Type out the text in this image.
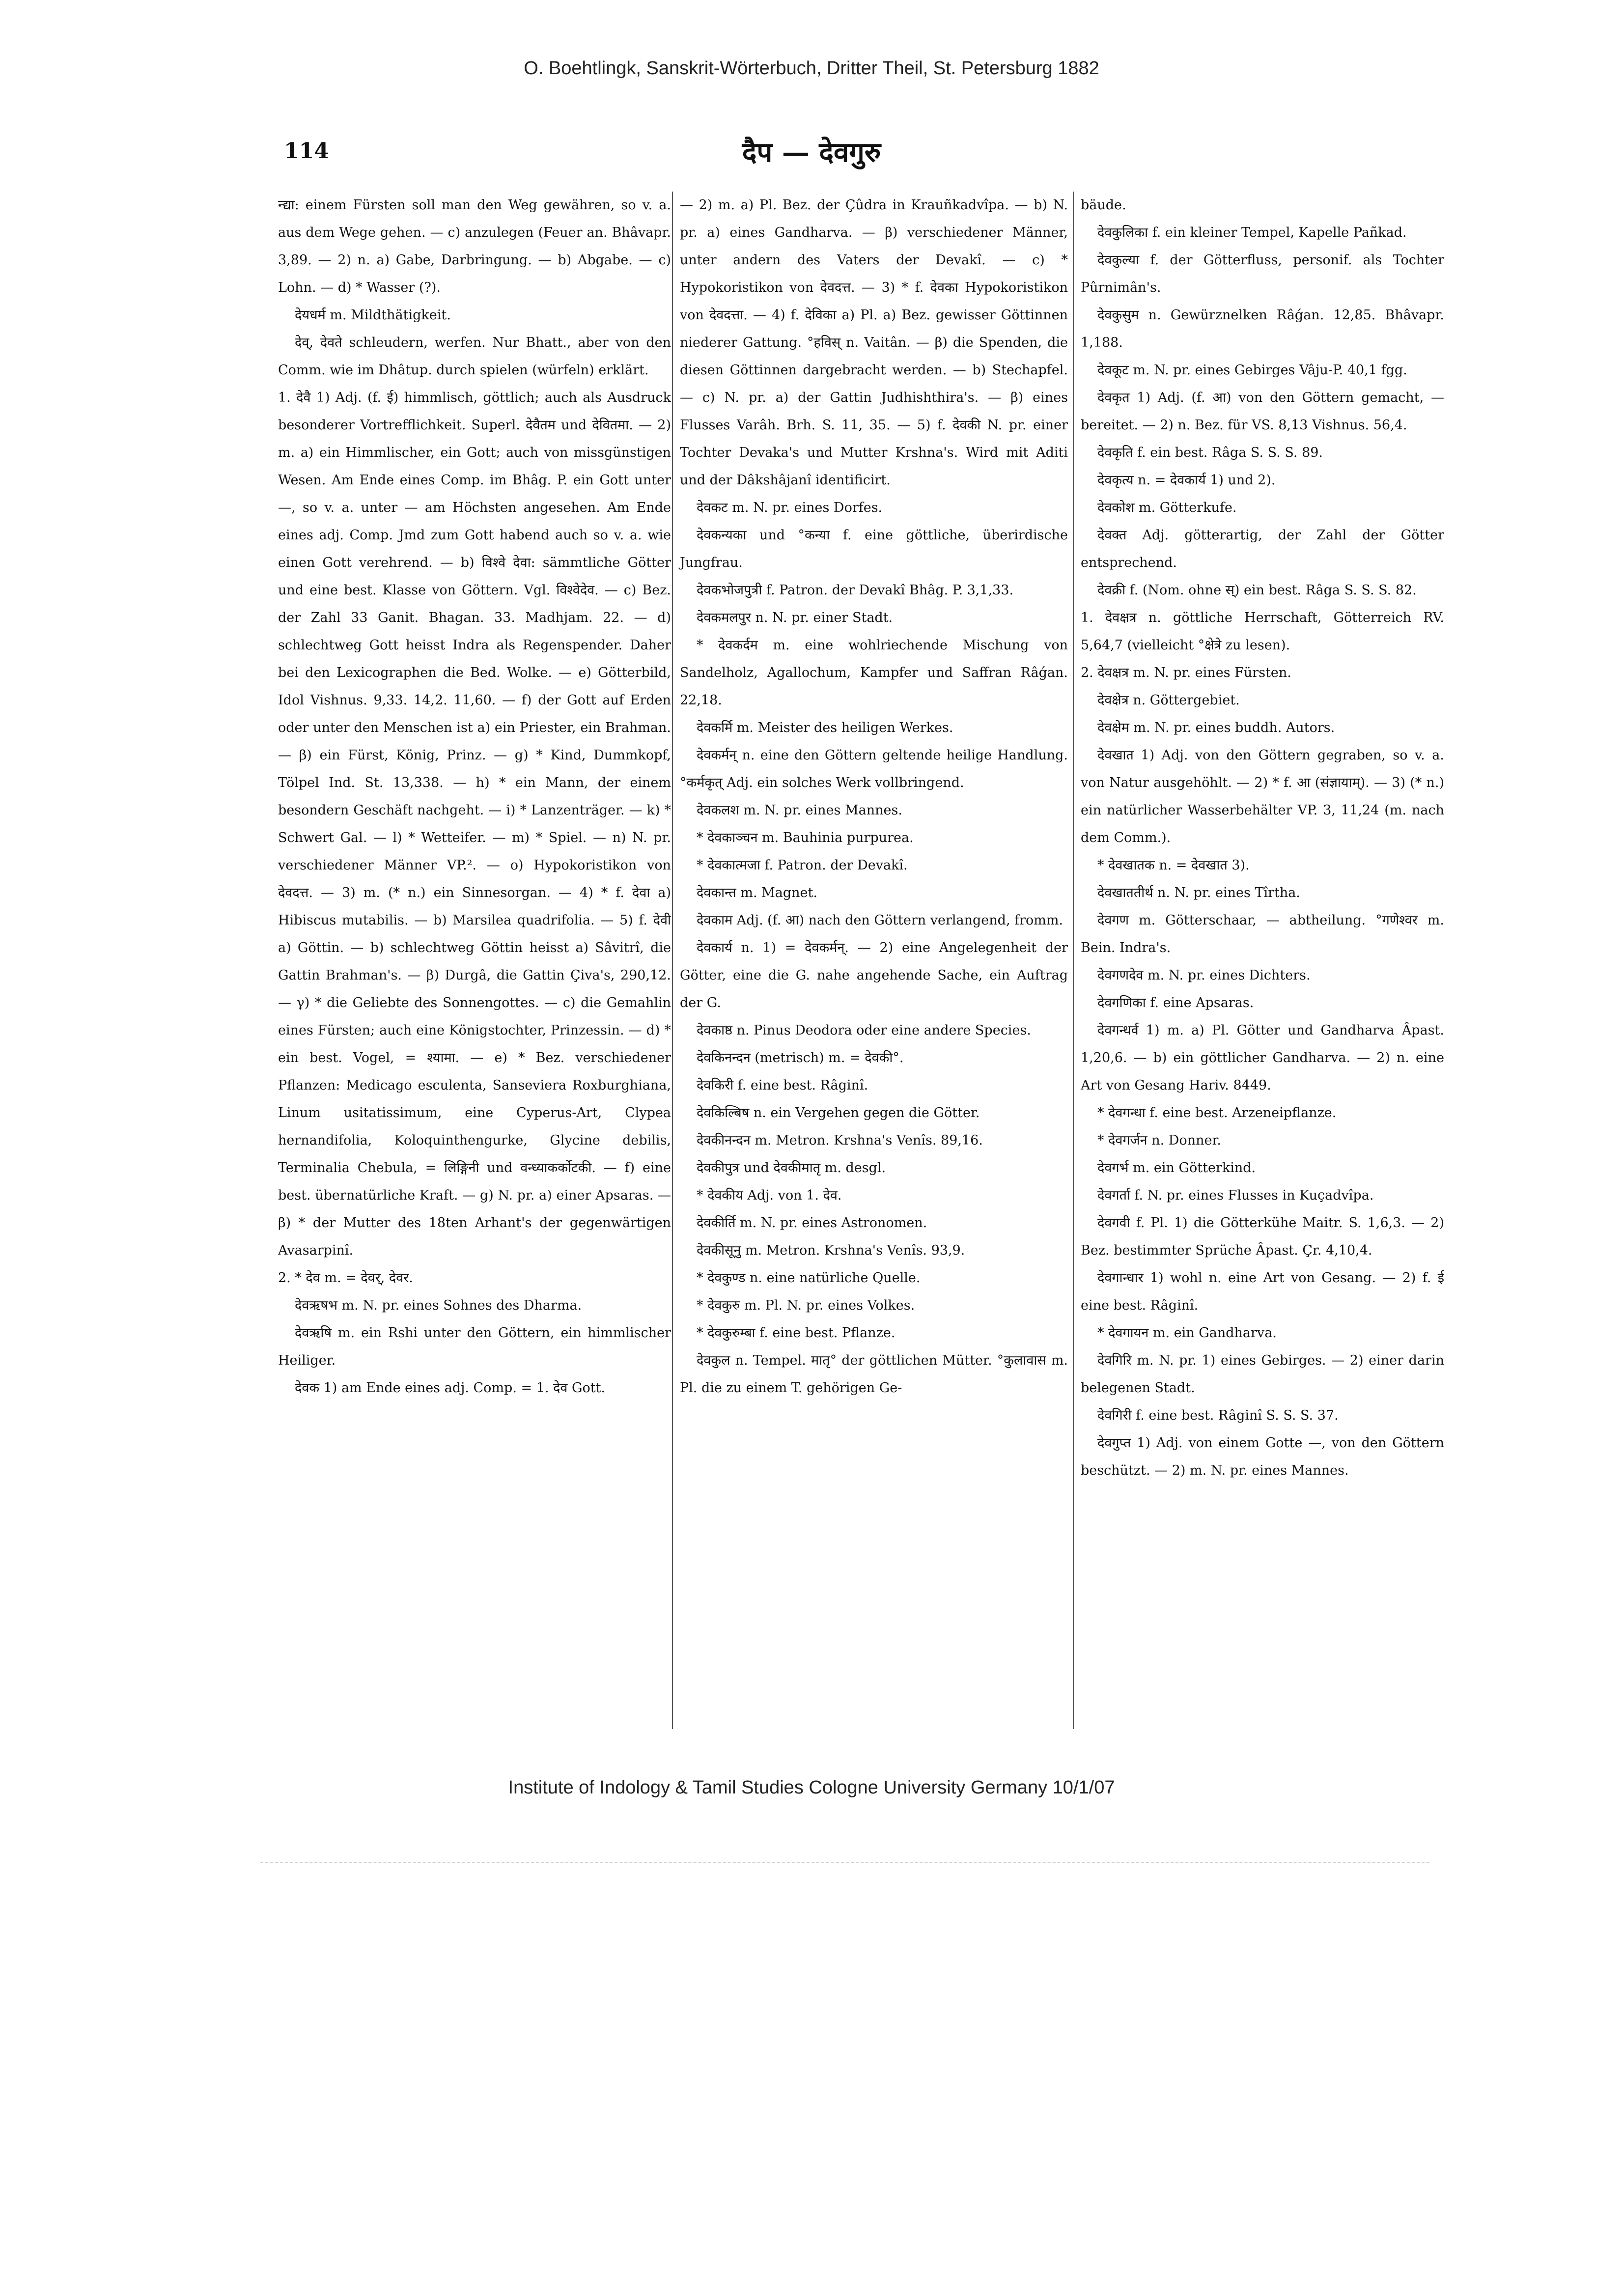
O. Boehtlingk, Sanskrit-Wörterbuch, Dritter Theil, St. Petersburg 1882
114	दैप — देवगुरु

न्द्या: einem Fürsten soll man den Weg gewähren, so v. a. aus dem Wege gehen. — c) anzulegen (Feuer an. Bhâvapr. 3,89. — 2) n. a) Gabe, Darbringung. — b) Abgabe. — c) Lohn. — d) * Wasser (?).

देयधर्म m. Mildthätigkeit.

देव्, देवते schleudern, werfen. Nur Bhatt., aber von den Comm. wie im Dhâtup. durch spielen (würfeln) erklärt.

1. देवै 1) Adj. (f. ई) himmlisch, göttlich; auch als Ausdruck besonderer Vortrefflichkeit. Superl. देवैतम und देवितमा. — 2) m. a) ein Himmlischer, ein Gott; auch von missgünstigen Wesen. Am Ende eines Comp. im Bhâg. P. ein Gott unter —, so v. a. unter — am Höchsten angesehen. Am Ende eines adj. Comp. Jmd zum Gott habend auch so v. a. wie einen Gott verehrend. — b) विश्वे देवा: sämmtliche Götter und eine best. Klasse von Göttern. Vgl. विश्वेदेव. — c) Bez. der Zahl 33 Ganit. Bhagan. 33. Madhjam. 22. — d) schlechtweg Gott heisst Indra als Regenspender. Daher bei den Lexicographen die Bed. Wolke. — e) Götterbild, Idol Vishnus. 9,33. 14,2. 11,60. — f) der Gott auf Erden oder unter den Menschen ist a) ein Priester, ein Brahman. — β) ein Fürst, König, Prinz. — g) * Kind, Dummkopf, Tölpel Ind. St. 13,338. — h) * ein Mann, der einem besondern Geschäft nachgeht. — i) * Lanzenträger. — k) * Schwert Gal. — l) * Wetteifer. — m) * Spiel. — n) N. pr. verschiedener Männer VP.². — o) Hypokoristikon von देवदत्त. — 3) m. (* n.) ein Sinnesorgan. — 4) * f. देवा a) Hibiscus mutabilis. — b) Marsilea quadrifolia. — 5) f. देवी a) Göttin. — b) schlechtweg Göttin heisst a) Sâvitrî, die Gattin Brahman's. — β) Durgâ, die Gattin Çiva's, 290,12. — γ) * die Geliebte des Sonnengottes. — c) die Gemahlin eines Fürsten; auch eine Königstochter, Prinzessin. — d) * ein best. Vogel, = श्यामा. — e) * Bez. verschiedener Pflanzen: Medicago esculenta, Sanseviera Roxburghiana, Linum usitatissimum, eine Cyperus-Art, Clypea hernandifolia, Koloquinthengurke, Glycine debilis, Terminalia Chebula, = लिङ्गिनी und वन्ध्याकर्कोटकी. — f) eine best. übernatürliche Kraft. — g) N. pr. a) einer Apsaras. — β) * der Mutter des 18ten Arhant's der gegenwärtigen Avasarpinî.

2. * देव m. = देवर्, देवर.

देवऋषभ m. N. pr. eines Sohnes des Dharma.

देवऋषि m. ein Rshi unter den Göttern, ein himmlischer Heiliger.

देवक 1) am Ende eines adj. Comp. = 1. देव Gott.

— 2) m. a) Pl. Bez. der Çûdra in Krauñkadvîpa. — b) N. pr. a) eines Gandharva. — β) verschiedener Männer, unter andern des Vaters der Devakî. — c) * Hypokoristikon von देवदत्त. — 3) * f. देवका Hypokoristikon von देवदत्ता. — 4) f. देविका a) Pl. a) Bez. gewisser Göttinnen niederer Gattung. °हविस् n. Vaitân. — β) die Spenden, die diesen Göttinnen dargebracht werden. — b) Stechapfel. — c) N. pr. a) der Gattin Judhishthira's. — β) eines Flusses Varâh. Brh. S. 11, 35. — 5) f. देवकी N. pr. einer Tochter Devaka's und Mutter Krshna's. Wird mit Aditi und der Dâkshâjanî identificirt.

देवकट m. N. pr. eines Dorfes.

देवकन्यका und °कन्या f. eine göttliche, überirdische Jungfrau.

देवकभोजपुत्री f. Patron. der Devakî Bhâg. P. 3,1,33.

देवकमलपुर n. N. pr. einer Stadt.

* देवकर्दम m. eine wohlriechende Mischung von Sandelholz, Agallochum, Kampfer und Saffran Râǵan. 22,18.

देवकर्मि m. Meister des heiligen Werkes.

देवकर्मन् n. eine den Göttern geltende heilige Handlung. °कर्मकृत् Adj. ein solches Werk vollbringend.

देवकलश m. N. pr. eines Mannes.

* देवकाञ्चन m. Bauhinia purpurea.

* देवकात्मजा f. Patron. der Devakî.

देवकान्त m. Magnet.

देवकाम Adj. (f. आ) nach den Göttern verlangend, fromm.

देवकार्य n. 1) = देवकर्मन्. — 2) eine Angelegenheit der Götter, eine die G. nahe angehende Sache, ein Auftrag der G.

देवकाष्ठ n. Pinus Deodora oder eine andere Species.

देवकिनन्दन (metrisch) m. = देवकी°.

देवकिरी f. eine best. Râginî.

देवकिल्बिष n. ein Vergehen gegen die Götter.

देवकीनन्दन m. Metron. Krshna's Venîs. 89,16.

देवकीपुत्र und देवकीमातृ m. desgl.

* देवकीय Adj. von 1. देव.

देवकीर्ति m. N. pr. eines Astronomen.

देवकीसूनु m. Metron. Krshna's Venîs. 93,9.

* देवकुण्ड n. eine natürliche Quelle.

* देवकुरु m. Pl. N. pr. eines Volkes.

* देवकुरुम्बा f. eine best. Pflanze.

देवकुल n. Tempel. मातृ° der göttlichen Mütter. °कुलावास m. Pl. die zu einem T. gehörigen Ge-

bäude.

देवकुलिका f. ein kleiner Tempel, Kapelle Pañkad.

देवकुल्या f. der Götterfluss, personif. als Tochter Pûrnimân's.

देवकुसुम n. Gewürznelken Râǵan. 12,85. Bhâvapr. 1,188.

देवकूट m. N. pr. eines Gebirges Vâju-P. 40,1 fgg.

देवकृत 1) Adj. (f. आ) von den Göttern gemacht, — bereitet. — 2) n. Bez. für VS. 8,13 Vishnus. 56,4.

देवकृति f. ein best. Râga S. S. S. 89.

देवकृत्य n. = देवकार्य 1) und 2).

देवकोश m. Götterkufe.

देवक्त Adj. götterartig, der Zahl der Götter entsprechend.

देवक्री f. (Nom. ohne स्) ein best. Râga S. S. S. 82.

1. देवक्षत्र n. göttliche Herrschaft, Götterreich RV. 5,64,7 (vielleicht °क्षेत्रे zu lesen).

2. देवक्षत्र m. N. pr. eines Fürsten.

देवक्षेत्र n. Göttergebiet.

देवक्षेम m. N. pr. eines buddh. Autors.

देवखात 1) Adj. von den Göttern gegraben, so v. a. von Natur ausgehöhlt. — 2) * f. आ (संज्ञायाम्). — 3) (* n.) ein natürlicher Wasserbehälter VP. 3, 11,24 (m. nach dem Comm.).

* देवखातक n. = देवखात 3).

देवखाततीर्थ n. N. pr. eines Tîrtha.

देवगण m. Götterschaar, — abtheilung. °गणेश्वर m. Bein. Indra's.

देवगणदेव m. N. pr. eines Dichters.

देवगणिका f. eine Apsaras.

देवगन्धर्व 1) m. a) Pl. Götter und Gandharva Âpast. 1,20,6. — b) ein göttlicher Gandharva. — 2) n. eine Art von Gesang Hariv. 8449.

* देवगन्धा f. eine best. Arzeneipflanze.

* देवगर्जन n. Donner.

देवगर्भ m. ein Götterkind.

देवगर्ता f. N. pr. eines Flusses in Kuçadvîpa.

देवगवी f. Pl. 1) die Götterkühe Maitr. S. 1,6,3. — 2) Bez. bestimmter Sprüche Âpast. Çr. 4,10,4.

देवगान्धार 1) wohl n. eine Art von Gesang. — 2) f. ई eine best. Râginî.

* देवगायन m. ein Gandharva.

देवगिरि m. N. pr. 1) eines Gebirges. — 2) einer darin belegenen Stadt.

देवगिरी f. eine best. Râginî S. S. S. 37.

देवगुप्त 1) Adj. von einem Gotte —, von den Göttern beschützt. — 2) m. N. pr. eines Mannes.

Institute of Indology & Tamil Studies Cologne University Germany 10/1/07
